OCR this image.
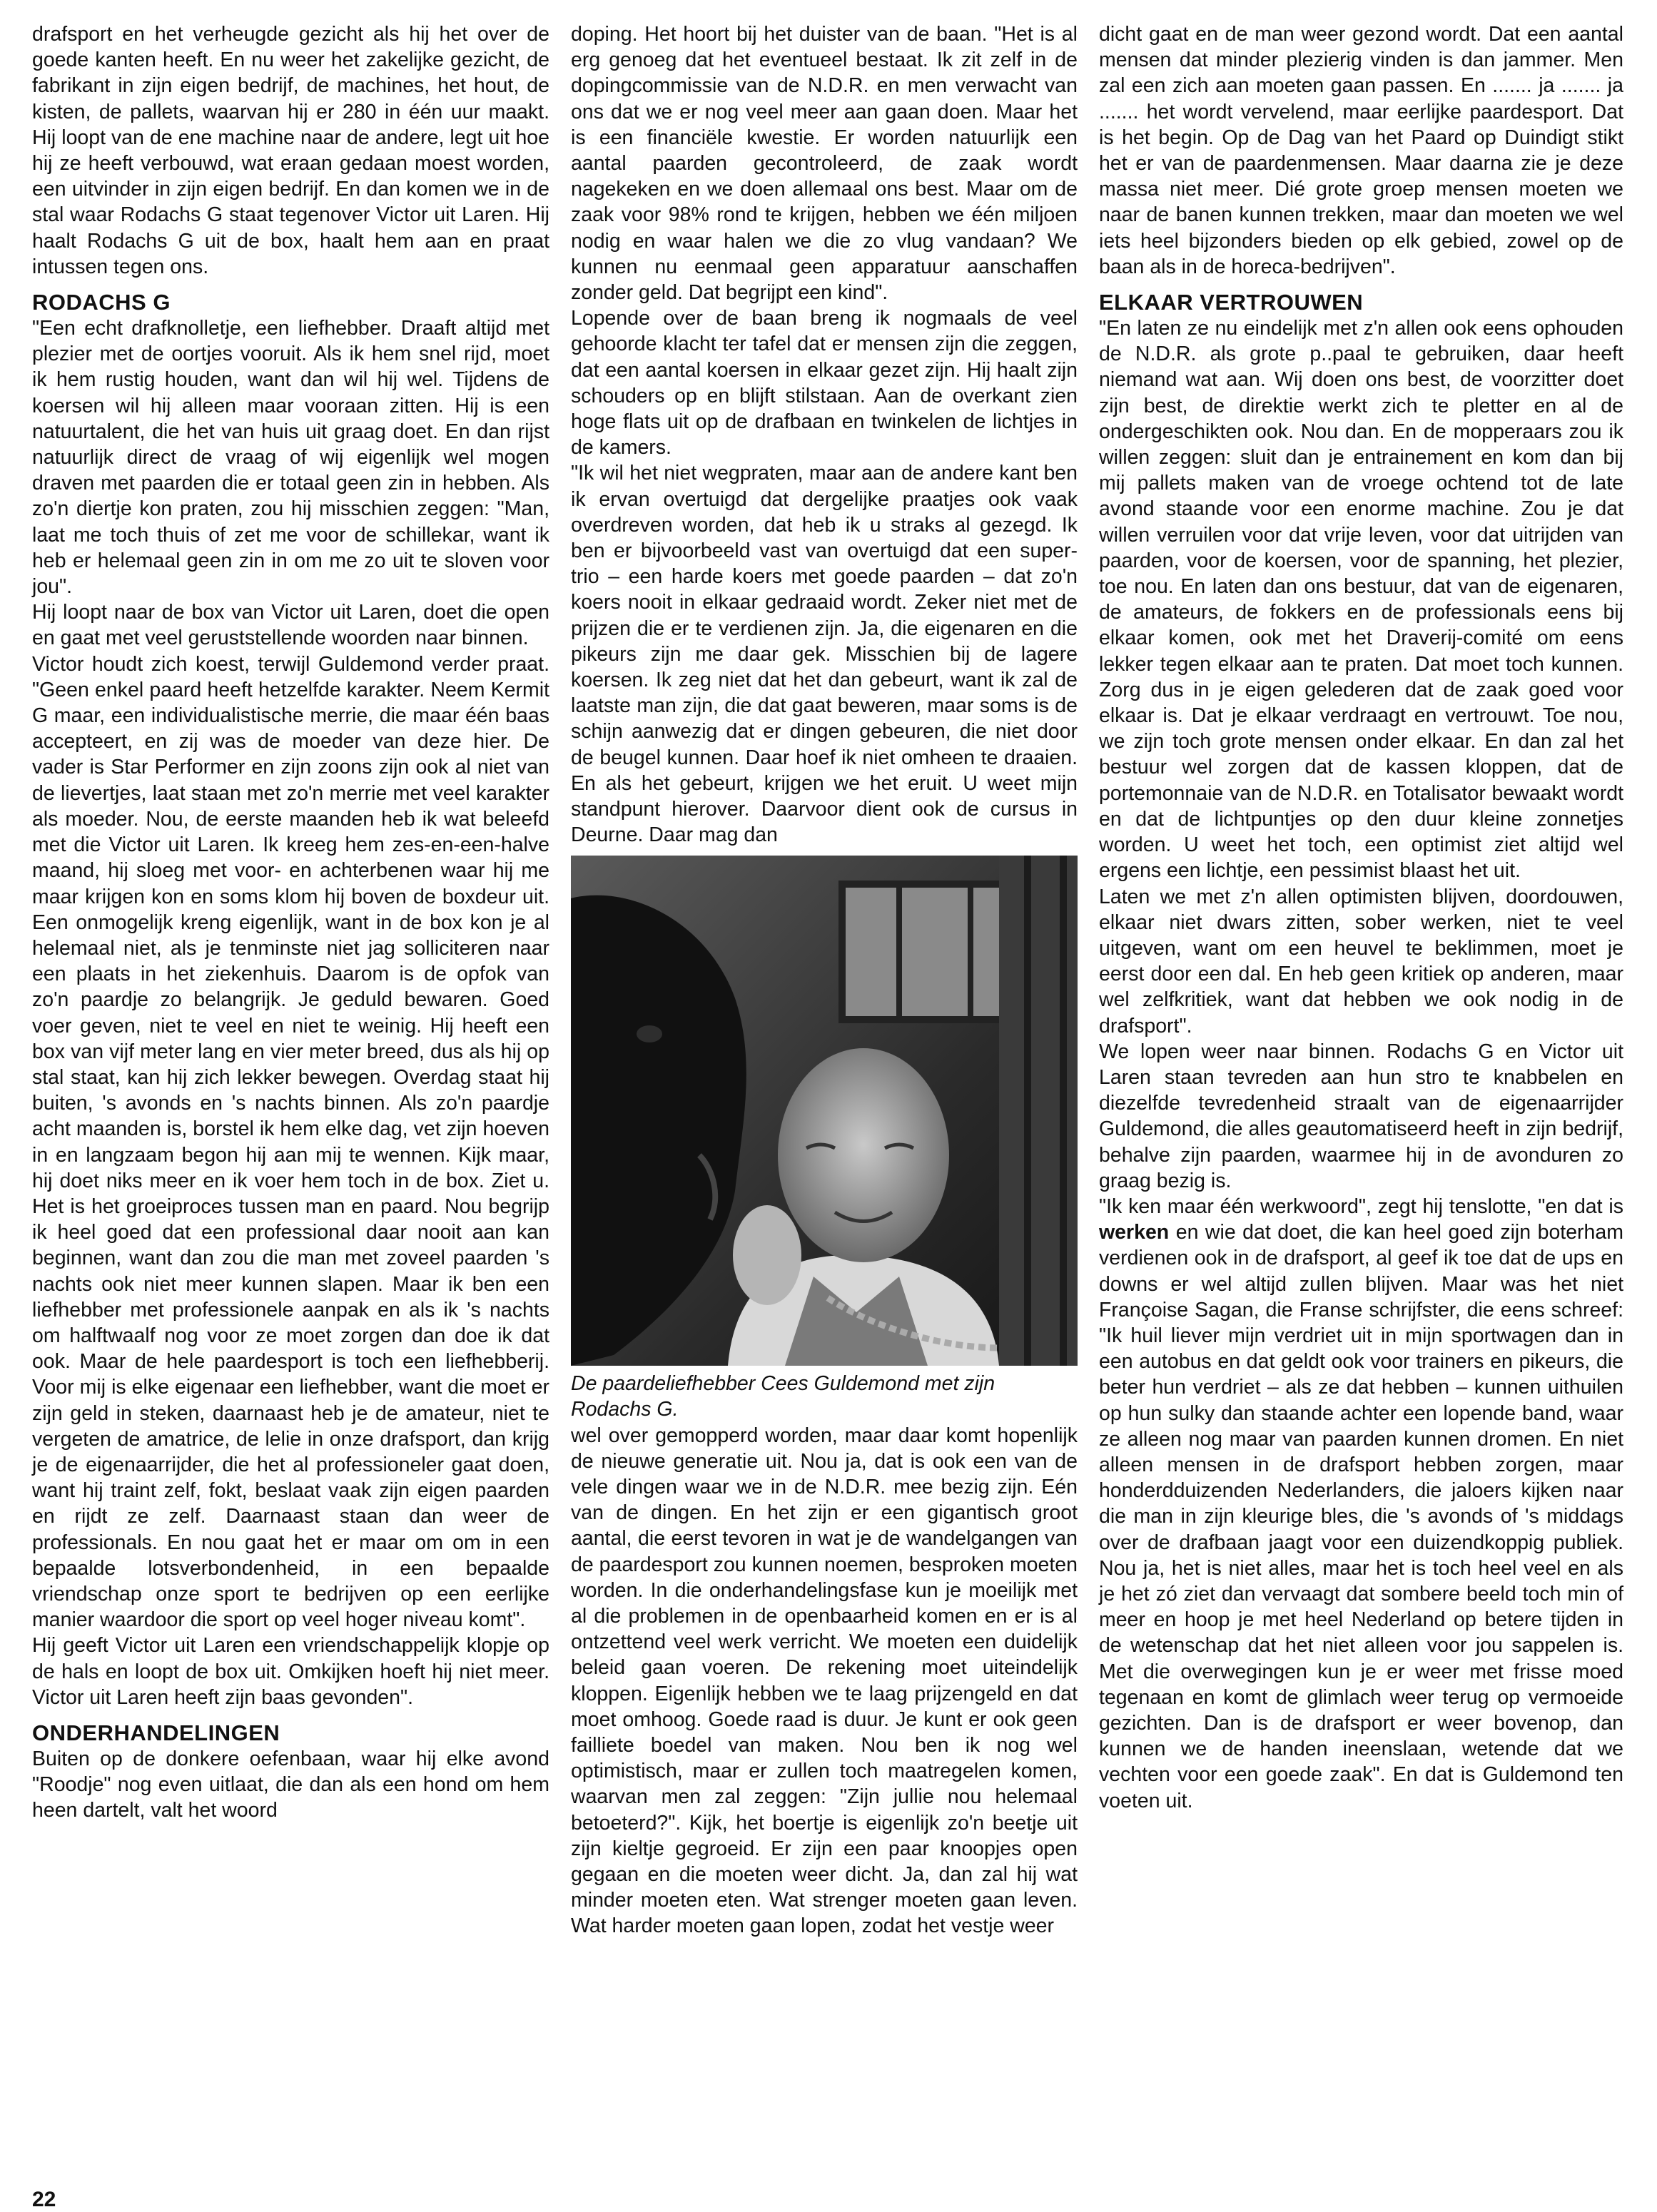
drafsport en het verheugde gezicht als hij het over de goede kanten heeft. En nu weer het zakelijke gezicht, de fabrikant in zijn eigen bedrijf, de machines, het hout, de kisten, de pallets, waarvan hij er 280 in één uur maakt. Hij loopt van de ene machine naar de andere, legt uit hoe hij ze heeft verbouwd, wat eraan gedaan moest worden, een uitvinder in zijn eigen bedrijf. En dan komen we in de stal waar Rodachs G staat tegenover Victor uit Laren. Hij haalt Rodachs G uit de box, haalt hem aan en praat intussen tegen ons.

RODACHS G

"Een echt drafknolletje, een liefhebber. Draaft altijd met plezier met de oortjes vooruit. Als ik hem snel rijd, moet ik hem rustig houden, want dan wil hij wel. Tijdens de koersen wil hij alleen maar vooraan zitten. Hij is een natuurtalent, die het van huis uit graag doet. En dan rijst natuurlijk direct de vraag of wij eigenlijk wel mogen draven met paarden die er totaal geen zin in hebben. Als zo'n diertje kon praten, zou hij misschien zeggen: "Man, laat me toch thuis of zet me voor de schillekar, want ik heb er helemaal geen zin in om me zo uit te sloven voor jou".

Hij loopt naar de box van Victor uit Laren, doet die open en gaat met veel geruststellende woorden naar binnen.

Victor houdt zich koest, terwijl Guldemond verder praat. "Geen enkel paard heeft hetzelfde karakter. Neem Kermit G maar, een individualistische merrie, die maar één baas accepteert, en zij was de moeder van deze hier. De vader is Star Performer en zijn zoons zijn ook al niet van de lievertjes, laat staan met zo'n merrie met veel karakter als moeder. Nou, de eerste maanden heb ik wat beleefd met die Victor uit Laren. Ik kreeg hem zes-en-een-halve maand, hij sloeg met voor- en achterbenen waar hij me maar krijgen kon en soms klom hij boven de boxdeur uit. Een onmogelijk kreng eigenlijk, want in de box kon je al helemaal niet, als je tenminste niet jag solliciteren naar een plaats in het ziekenhuis. Daarom is de opfok van zo'n paardje zo belangrijk. Je geduld bewaren. Goed voer geven, niet te veel en niet te weinig. Hij heeft een box van vijf meter lang en vier meter breed, dus als hij op stal staat, kan hij zich lekker bewegen. Overdag staat hij buiten, 's avonds en 's nachts binnen. Als zo'n paardje acht maanden is, borstel ik hem elke dag, vet zijn hoeven in en langzaam begon hij aan mij te wennen. Kijk maar, hij doet niks meer en ik voer hem toch in de box. Ziet u. Het is het groeiproces tussen man en paard. Nou begrijp ik heel goed dat een professional daar nooit aan kan beginnen, want dan zou die man met zoveel paarden 's nachts ook niet meer kunnen slapen. Maar ik ben een liefhebber met professionele aanpak en als ik 's nachts om halftwaalf nog voor ze moet zorgen dan doe ik dat ook. Maar de hele paardesport is toch een liefhebberij. Voor mij is elke eigenaar een liefhebber, want die moet er zijn geld in steken, daarnaast heb je de amateur, niet te vergeten de amatrice, de lelie in onze drafsport, dan krijg je de eigenaarrijder, die het al professioneler gaat doen, want hij traint zelf, fokt, beslaat vaak zijn eigen paarden en rijdt ze zelf. Daarnaast staan dan weer de professionals. En nou gaat het er maar om om in een bepaalde lotsverbondenheid, in een bepaalde vriendschap onze sport te bedrijven op een eerlijke manier waardoor die sport op veel hoger niveau komt".

Hij geeft Victor uit Laren een vriendschappelijk klopje op de hals en loopt de box uit. Omkijken hoeft hij niet meer. Victor uit Laren heeft zijn baas gevonden".

ONDERHANDELINGEN

Buiten op de donkere oefenbaan, waar hij elke avond "Roodje" nog even uitlaat, die dan als een hond om hem heen dartelt, valt het woord

doping. Het hoort bij het duister van de baan. "Het is al erg genoeg dat het eventueel bestaat. Ik zit zelf in de dopingcommissie van de N.D.R. en men verwacht van ons dat we er nog veel meer aan gaan doen. Maar het is een financiële kwestie. Er worden natuurlijk een aantal paarden gecontroleerd, de zaak wordt nagekeken en we doen allemaal ons best. Maar om de zaak voor 98% rond te krijgen, hebben we één miljoen nodig en waar halen we die zo vlug vandaan? We kunnen nu eenmaal geen apparatuur aanschaffen zonder geld. Dat begrijpt een kind".

Lopende over de baan breng ik nogmaals de veel gehoorde klacht ter tafel dat er mensen zijn die zeggen, dat een aantal koersen in elkaar gezet zijn. Hij haalt zijn schouders op en blijft stilstaan. Aan de overkant zien hoge flats uit op de drafbaan en twinkelen de lichtjes in de kamers.

"Ik wil het niet wegpraten, maar aan de andere kant ben ik ervan overtuigd dat dergelijke praatjes ook vaak overdreven worden, dat heb ik u straks al gezegd. Ik ben er bijvoorbeeld vast van overtuigd dat een super-trio – een harde koers met goede paarden – dat zo'n koers nooit in elkaar gedraaid wordt. Zeker niet met de prijzen die er te verdienen zijn. Ja, die eigenaren en die pikeurs zijn me daar gek. Misschien bij de lagere koersen. Ik zeg niet dat het dan gebeurt, want ik zal de laatste man zijn, die dat gaat beweren, maar soms is de schijn aanwezig dat er dingen gebeuren, die niet door de beugel kunnen. Daar hoef ik niet omheen te draaien. En als het gebeurt, krijgen we het eruit. U weet mijn standpunt hierover. Daarvoor dient ook de cursus in Deurne. Daar mag dan

De paardeliefhebber Cees Guldemond met zijn Rodachs G.

wel over gemopperd worden, maar daar komt hopenlijk de nieuwe generatie uit. Nou ja, dat is ook een van de vele dingen waar we in de N.D.R. mee bezig zijn. Eén van de dingen. En het zijn er een gigantisch groot aantal, die eerst tevoren in wat je de wandelgangen van de paardesport zou kunnen noemen, besproken moeten worden. In die onderhandelingsfase kun je moeilijk met al die problemen in de openbaarheid komen en er is al ontzettend veel werk verricht. We moeten een duidelijk beleid gaan voeren. De rekening moet uiteindelijk kloppen. Eigenlijk hebben we te laag prijzengeld en dat moet omhoog. Goede raad is duur. Je kunt er ook geen failliete boedel van maken. Nou ben ik nog wel optimistisch, maar er zullen toch maatregelen komen, waarvan men zal zeggen: "Zijn jullie nou helemaal betoeterd?". Kijk, het boertje is eigenlijk zo'n beetje uit zijn kieltje gegroeid. Er zijn een paar knoopjes open gegaan en die moeten weer dicht. Ja, dan zal hij wat minder moeten eten. Wat strenger moeten gaan leven. Wat harder moeten gaan lopen, zodat het vestje weer

dicht gaat en de man weer gezond wordt. Dat een aantal mensen dat minder plezierig vinden is dan jammer. Men zal een zich aan moeten gaan passen. En ....... ja ....... ja ....... het wordt vervelend, maar eerlijke paardesport. Dat is het begin. Op de Dag van het Paard op Duindigt stikt het er van de paardenmensen. Maar daarna zie je deze massa niet meer. Dié grote groep mensen moeten we naar de banen kunnen trekken, maar dan moeten we wel iets heel bijzonders bieden op elk gebied, zowel op de baan als in de horeca-bedrijven".

ELKAAR VERTROUWEN

"En laten ze nu eindelijk met z'n allen ook eens ophouden de N.D.R. als grote p..paal te gebruiken, daar heeft niemand wat aan. Wij doen ons best, de voorzitter doet zijn best, de direktie werkt zich te pletter en al de ondergeschikten ook. Nou dan. En de mopperaars zou ik willen zeggen: sluit dan je entrainement en kom dan bij mij pallets maken van de vroege ochtend tot de late avond staande voor een enorme machine. Zou je dat willen verruilen voor dat vrije leven, voor dat uitrijden van paarden, voor de koersen, voor de spanning, het plezier, toe nou. En laten dan ons bestuur, dat van de eigenaren, de amateurs, de fokkers en de professionals eens bij elkaar komen, ook met het Draverij-comité om eens lekker tegen elkaar aan te praten. Dat moet toch kunnen. Zorg dus in je eigen gelederen dat de zaak goed voor elkaar is. Dat je elkaar verdraagt en vertrouwt. Toe nou, we zijn toch grote mensen onder elkaar. En dan zal het bestuur wel zorgen dat de kassen kloppen, dat de portemonnaie van de N.D.R. en Totalisator bewaakt wordt en dat de lichtpuntjes op den duur kleine zonnetjes worden. U weet het toch, een optimist ziet altijd wel ergens een lichtje, een pessimist blaast het uit.

Laten we met z'n allen optimisten blijven, doordouwen, elkaar niet dwars zitten, sober werken, niet te veel uitgeven, want om een heuvel te beklimmen, moet je eerst door een dal. En heb geen kritiek op anderen, maar wel zelfkritiek, want dat hebben we ook nodig in de drafsport".

We lopen weer naar binnen. Rodachs G en Victor uit Laren staan tevreden aan hun stro te knabbelen en diezelfde tevredenheid straalt van de eigenaarrijder Guldemond, die alles geautomatiseerd heeft in zijn bedrijf, behalve zijn paarden, waarmee hij in de avonduren zo graag bezig is.

"Ik ken maar één werkwoord", zegt hij tenslotte, "en dat is werken en wie dat doet, die kan heel goed zijn boterham verdienen ook in de drafsport, al geef ik toe dat de ups en downs er wel altijd zullen blijven. Maar was het niet Françoise Sagan, die Franse schrijfster, die eens schreef: "Ik huil liever mijn verdriet uit in mijn sportwagen dan in een autobus en dat geldt ook voor trainers en pikeurs, die beter hun verdriet – als ze dat hebben – kunnen uithuilen op hun sulky dan staande achter een lopende band, waar ze alleen nog maar van paarden kunnen dromen. En niet alleen mensen in de drafsport hebben zorgen, maar honderdduizenden Nederlanders, die jaloers kijken naar die man in zijn kleurige bles, die 's avonds of 's middags over de drafbaan jaagt voor een duizendkoppig publiek. Nou ja, het is niet alles, maar het is toch heel veel en als je het zó ziet dan vervaagt dat sombere beeld toch min of meer en hoop je met heel Nederland op betere tijden in de wetenschap dat het niet alleen voor jou sappelen is. Met die overwegingen kun je er weer met frisse moed tegenaan en komt de glimlach weer terug op vermoeide gezichten. Dan is de drafsport er weer bovenop, dan kunnen we de handen ineenslaan, wetende dat we vechten voor een goede zaak". En dat is Guldemond ten voeten uit.

22
